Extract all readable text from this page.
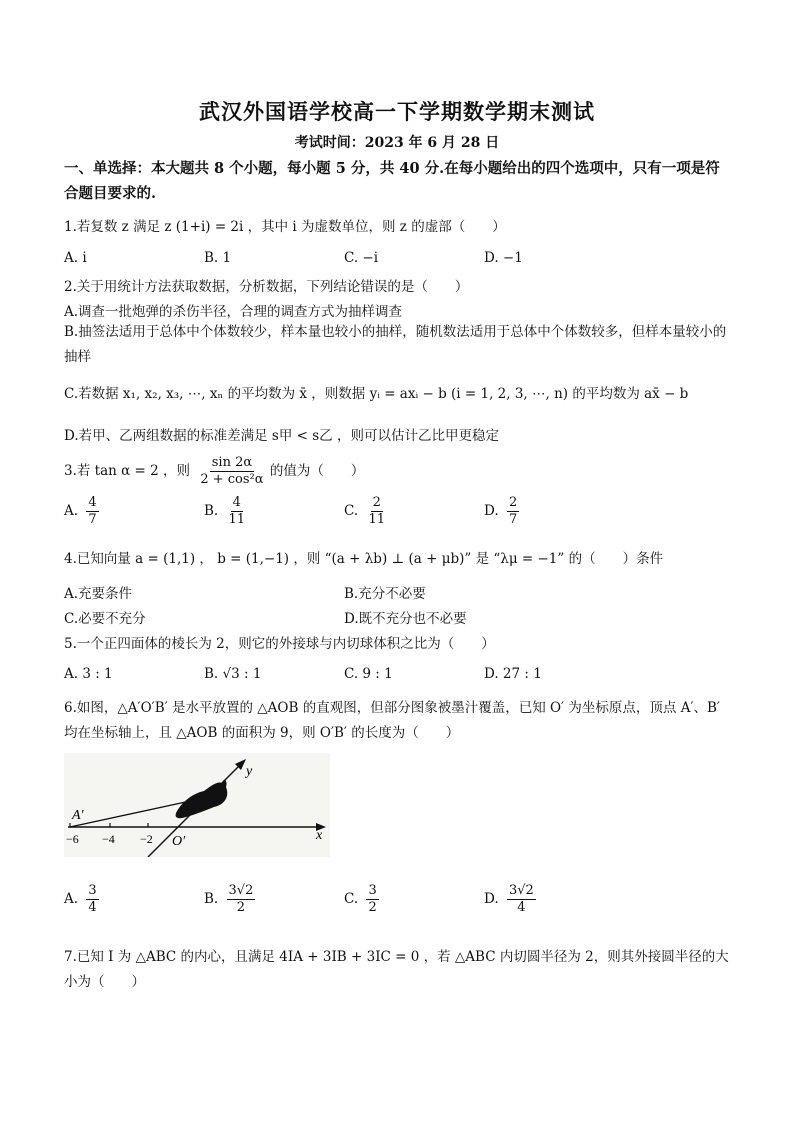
武汉外国语学校高一下学期数学期末测试
考试时间：2023 年 6 月 28 日
一、单选择：本大题共 8 个小题，每小题 5 分，共 40 分.在每小题给出的四个选项中，只有一项是符合题目要求的.
1.若复数 z 满足 z (1+i) = 2i ，其中 i 为虚数单位，则 z 的虚部（　　）
A. i	B. 1	C. −i	D. −1
2.关于用统计方法获取数据，分析数据，下列结论错误的是（　　）
A.调查一批炮弹的杀伤半径，合理的调查方式为抽样调查
B.抽签法适用于总体中个体数较少，样本量也较小的抽样，随机数法适用于总体中个体数较多，但样本量较小的抽样
C.若数据 x₁, x₂, x₃, ⋯, xₙ 的平均数为 x̄ ，则数据 yᵢ = axᵢ − b (i = 1, 2, 3, ⋯, n) 的平均数为 ax̄ − b
D.若甲、乙两组数据的标准差满足 s甲 < s乙 ，则可以估计乙比甲更稳定
3.若 tan α = 2 ，则 $\frac{\sin 2\alpha}{\text{2 + cos²α}}$ 的值为（　　）
A. $\frac{4}{7}$	B. $\frac{4}{11}$	C. $\frac{2}{11}$	D. $\frac{2}{7}$
4.已知向量 a = (1,1) ， b = (1,−1) ，则 “(a + λb) ⊥ (a + μb)” 是 “λμ = −1” 的（　　）条件
A.充要条件	B.充分不必要
C.必要不充分	D.既不充分也不必要
5.一个正四面体的棱长为 2，则它的外接球与内切球体积之比为（　　）
A. 3 : 1	B. √3 : 1	C. 9 : 1	D. 27 : 1
6.如图，△A′O′B′ 是水平放置的 △AOB 的直观图，但部分图象被墨汁覆盖，已知 O′ 为坐标原点，顶点 A′、B′ 均在坐标轴上，且 △AOB 的面积为 9，则 O′B′ 的长度为（　　）
−6 −4 −2
A′
O′
y
x
A. $\frac{3}{4}$	B. $\frac{3√2}{2}$	C. $\frac{3}{2}$	D. $\frac{3√2}{4}$
7.已知 I 为 △ABC 的内心，且满足 4IA + 3IB + 3IC = 0 ，若 △ABC 内切圆半径为 2，则其外接圆半径的大小为（　　）
